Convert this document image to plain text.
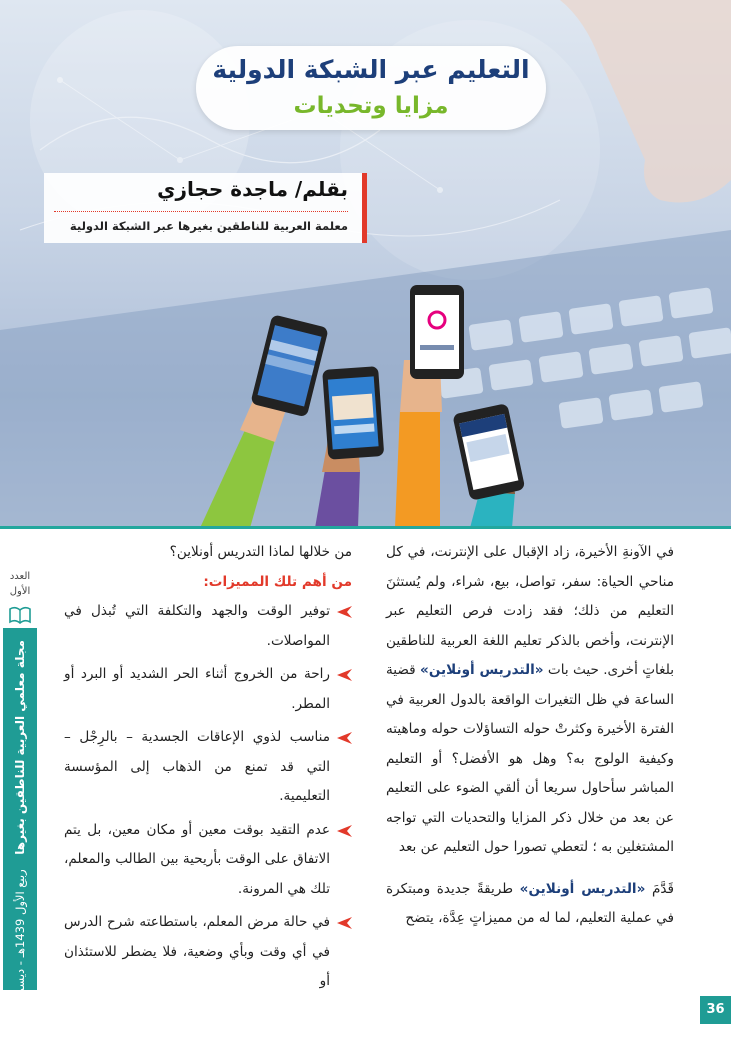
التعليم عبر الشبكة الدولية
مزايا وتحديات
بقلم/ ماجدة حجازي
معلمة العربية للناطقين بغيرها عبر الشبكة الدولية
العدد
الأول
مجلة معلمي العربية للناطقين بغيرها    ربيع الأول 1439هـ - ديسمبر 2017م
36

في الآونةِ الأخيرة، زاد الإقبال على الإنترنت، في كل مناحي الحياة: سفر، تواصل، بيع، شراء، ولم يُستثنَ التعليم من ذلك؛ فقد زادت فرص التعليم عبر الإنترنت، وأخص بالذكر تعليم اللغة العربية للناطقين بلغاتٍ أخرى. حيث بات «التدريس أونلاين» قضية الساعة في ظل التغيرات الواقعة بالدول العربية في الفترة الأخيرة وكثرتْ حوله التساؤلات حوله وماهيته وكيفية الولوج به؟ وهل هو الأفضل؟ أو التعليم المباشر سأحاول سريعا أن ألقي الضوء على التعليم عن بعد من خلال ذكر المزايا والتحديات التي تواجه المشتغلين به ؛ لتعطي تصورا حول التعليم عن بعد

قَدَّمَ «التدريس أونلاين» طريقةً جديدة ومبتكرة في عملية التعليم، لما له من مميزاتٍ عِدَّة، يتضح

من خلالها لماذا التدريس أونلاين؟

من أهم تلك المميزات:

توفير الوقت والجهد والتكلفة التي تُبذل في المواصلات.
راحة من الخروج أثناء الحر الشديد أو البرد أو المطر.
مناسب لذوي الإعاقات الجسدية – بالرِجْل – التي قد تمنع من الذهاب إلى المؤسسة التعليمية.
عدم التقيد بوقت معين أو مكان معين، بل يتم الاتفاق على الوقت بأريحية بين الطالب والمعلم، تلك هي المرونة.
في حالة مرض المعلم، باستطاعته شرح الدرس في أي وقت وبأي وضعية، فلا يضطر للاستئذان أو
